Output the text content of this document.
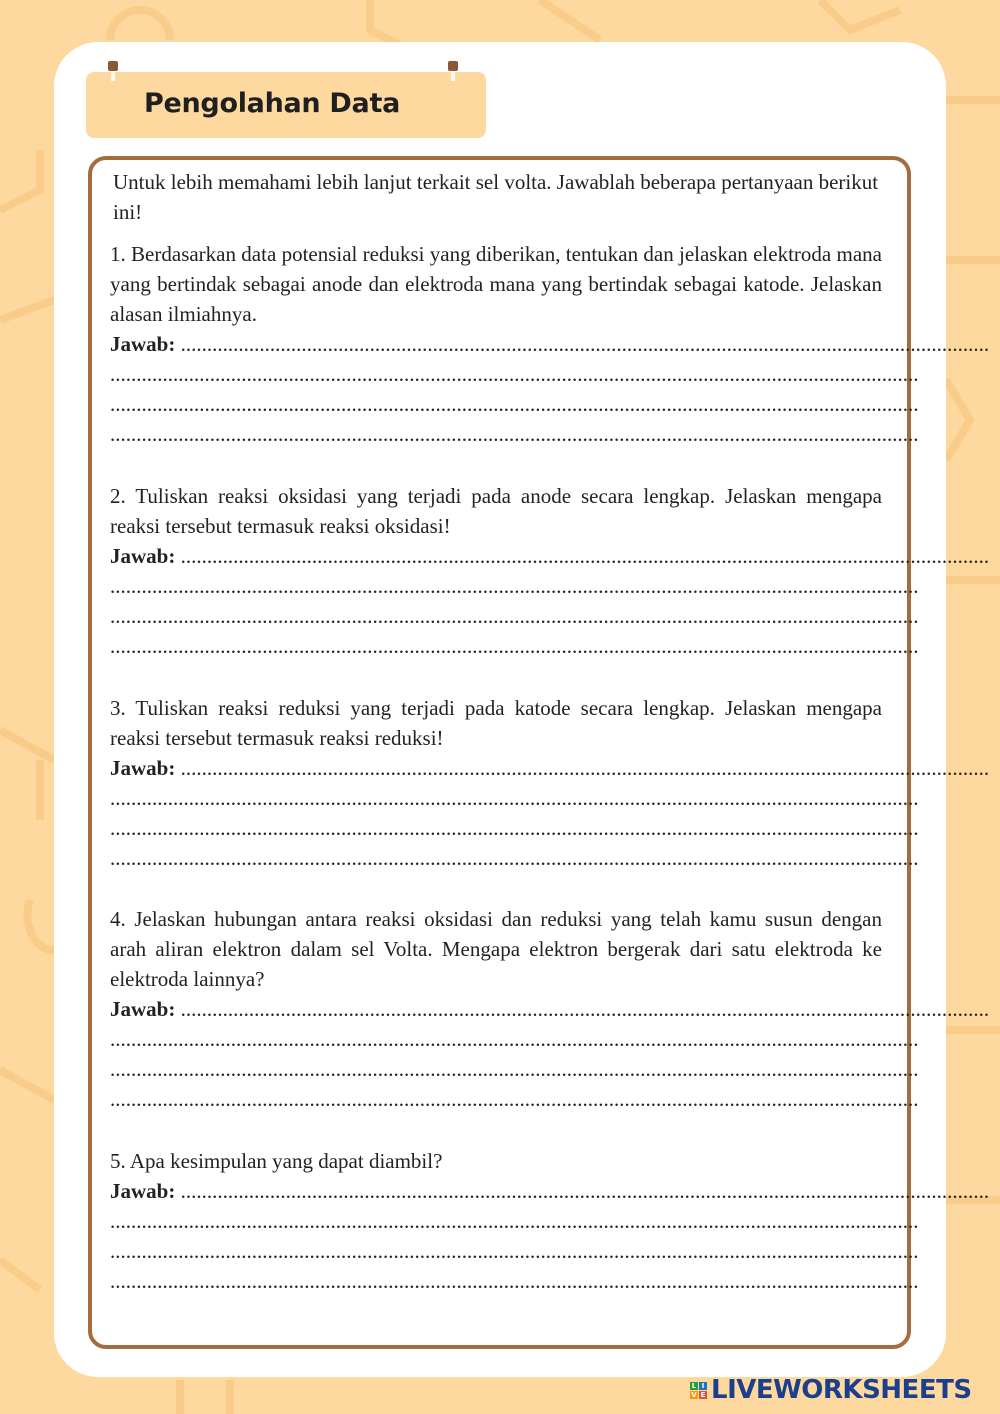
Pengolahan Data
Untuk lebih memahami lebih lanjut terkait sel volta. Jawablah beberapa pertanyaan berikut ini!
1. Berdasarkan data potensial reduksi yang diberikan, tentukan dan jelaskan elektroda mana yang bertindak sebagai anode dan elektroda mana yang bertindak sebagai katode. Jelaskan alasan ilmiahnya.
Jawab: ..........................................................................................................................................................
..........................................................................................................................................................
..........................................................................................................................................................
..........................................................................................................................................................
2. Tuliskan reaksi oksidasi yang terjadi pada anode secara lengkap. Jelaskan mengapa reaksi tersebut termasuk reaksi oksidasi!
Jawab: ..........................................................................................................................................................
..........................................................................................................................................................
..........................................................................................................................................................
..........................................................................................................................................................
3. Tuliskan reaksi reduksi yang terjadi pada katode secara lengkap. Jelaskan mengapa reaksi tersebut termasuk reaksi reduksi!
Jawab: ..........................................................................................................................................................
..........................................................................................................................................................
..........................................................................................................................................................
..........................................................................................................................................................
4. Jelaskan hubungan antara reaksi oksidasi dan reduksi yang telah kamu susun dengan arah aliran elektron dalam sel Volta. Mengapa elektron bergerak dari satu elektroda ke elektroda lainnya?
Jawab: ..........................................................................................................................................................
..........................................................................................................................................................
..........................................................................................................................................................
..........................................................................................................................................................
5. Apa kesimpulan yang dapat diambil?
Jawab: ..........................................................................................................................................................
..........................................................................................................................................................
..........................................................................................................................................................
..........................................................................................................................................................
L I
V E LIVEWORKSHEETS
